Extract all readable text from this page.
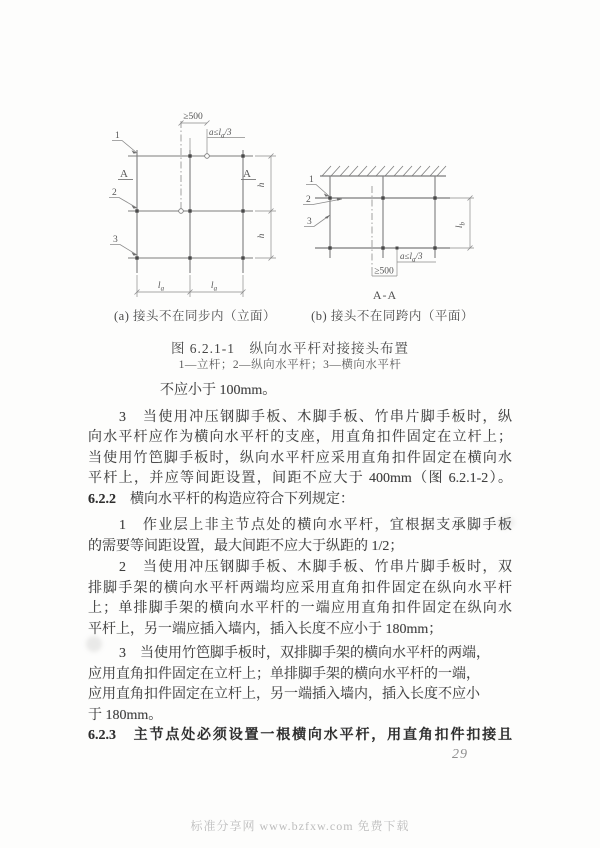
≥500
$a\le l_a/3$
1
2
3
A	A
h
h
$l_a$	$l_a$
$l_b$
$a\le l_a/3$
≥500
1
2
3
A-A
(a) 接头不在同步内（立面）	(b) 接头不在同跨内（平面）
图 6.2.1-1　纵向水平杆对接接头布置
1—立杆；2—纵向水平杆；3—横向水平杆
不应小于 100mm。
3　当使用冲压钢脚手板、木脚手板、竹串片脚手板时，纵
向水平杆应作为横向水平杆的支座，用直角扣件固定在立杆上；
当使用竹笆脚手板时，纵向水平杆应采用直角扣件固定在横向水
平杆上，并应等间距设置，间距不应大于 400mm（图 6.2.1-2）。
6.2.2　横向水平杆的构造应符合下列规定：
1　作业层上非主节点处的横向水平杆，宜根据支承脚手板
的需要等间距设置，最大间距不应大于纵距的 1/2；
2　当使用冲压钢脚手板、木脚手板、竹串片脚手板时，双
排脚手架的横向水平杆两端均应采用直角扣件固定在纵向水平杆
上；单排脚手架的横向水平杆的一端应用直角扣件固定在纵向水
平杆上，另一端应插入墙内，插入长度不应小于 180mm；
3　当使用竹笆脚手板时，双排脚手架的横向水平杆的两端，
应用直角扣件固定在立杆上；单排脚手架的横向水平杆的一端，
应用直角扣件固定在立杆上，另一端插入墙内，插入长度不应小
于 180mm。
6.2.3　主节点处必须设置一根横向水平杆，用直角扣件扣接且
29
标准分享网 www.bzfxw.com 免费下载
